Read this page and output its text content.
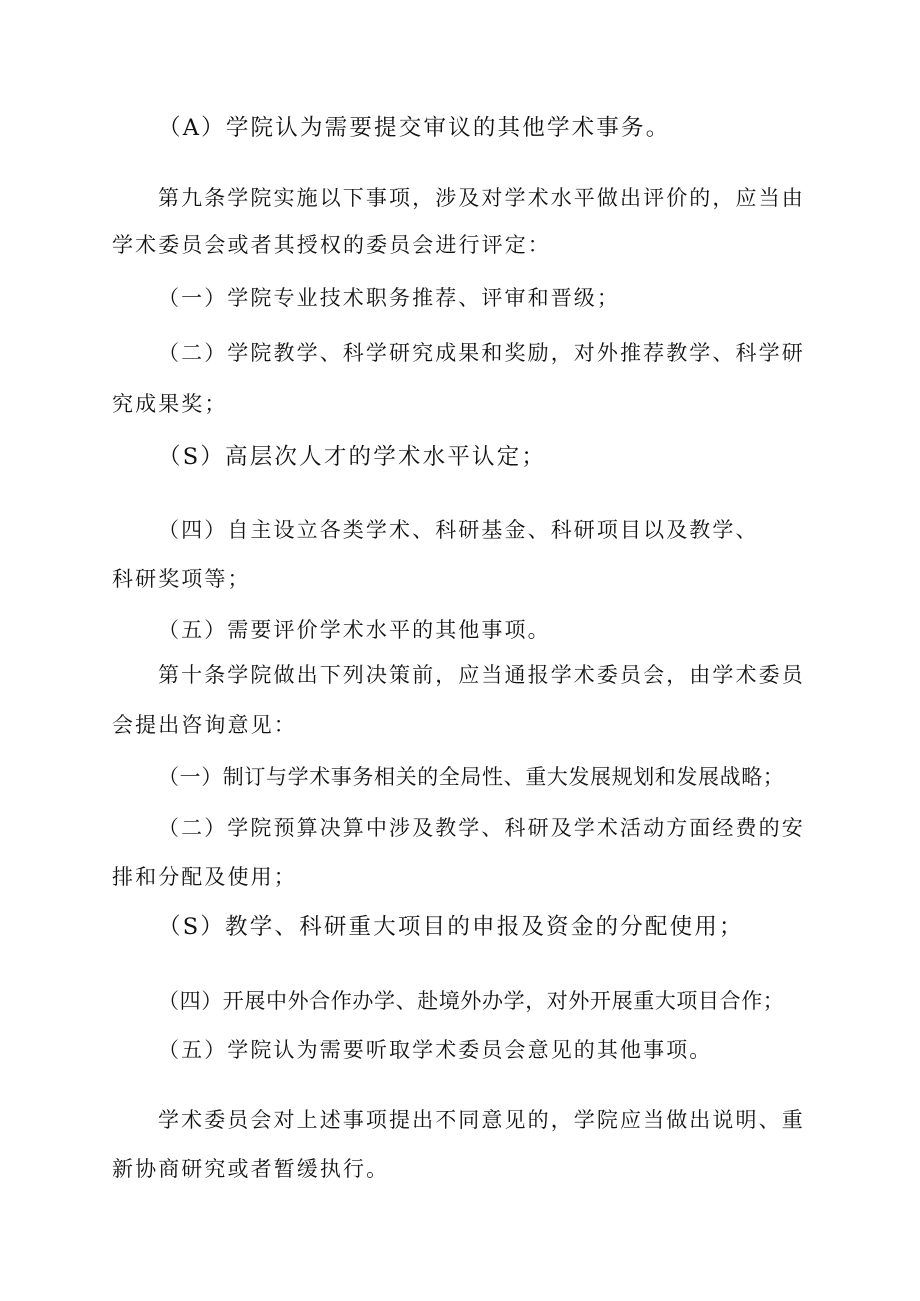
（A）学院认为需要提交审议的其他学术事务。
第九条学院实施以下事项，涉及对学术水平做出评价的，应当由
学术委员会或者其授权的委员会进行评定：
（一）学院专业技术职务推荐、评审和晋级；
（二）学院教学、科学研究成果和奖励，对外推荐教学、科学研
究成果奖；
（S）高层次人才的学术水平认定；
（四）自主设立各类学术、科研基金、科研项目以及教学、
科研奖项等；
（五）需要评价学术水平的其他事项。
第十条学院做出下列决策前，应当通报学术委员会，由学术委员
会提出咨询意见：
（一）制订与学术事务相关的全局性、重大发展规划和发展战略；
（二）学院预算决算中涉及教学、科研及学术活动方面经费的安
排和分配及使用；
（S）教学、科研重大项目的申报及资金的分配使用；
（四）开展中外合作办学、赴境外办学，对外开展重大项目合作；
（五）学院认为需要听取学术委员会意见的其他事项。
学术委员会对上述事项提出不同意见的，学院应当做出说明、重
新协商研究或者暂缓执行。
